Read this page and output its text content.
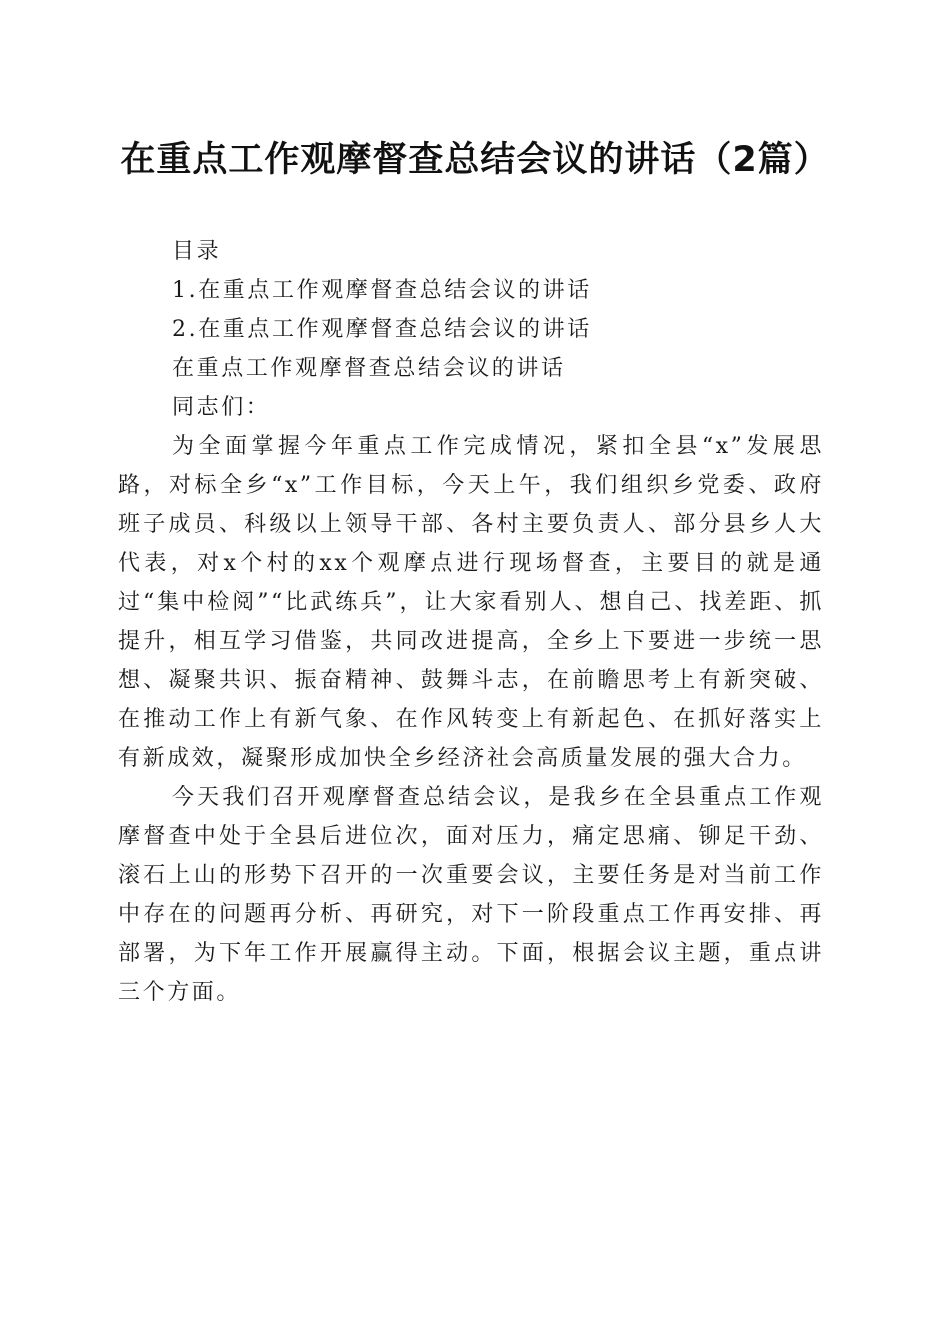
在重点工作观摩督查总结会议的讲话（2篇）

目录

1.在重点工作观摩督查总结会议的讲话

2.在重点工作观摩督查总结会议的讲话

在重点工作观摩督查总结会议的讲话

同志们：

为全面掌握今年重点工作完成情况，紧扣全县“x”发展思路，对标全乡“x”工作目标，今天上午，我们组织乡党委、政府班子成员、科级以上领导干部、各村主要负责人、部分县乡人大代表，对x个村的xx个观摩点进行现场督查，主要目的就是通过“集中检阅”“比武练兵”，让大家看别人、想自己、找差距、抓提升，相互学习借鉴，共同改进提高，全乡上下要进一步统一思想、凝聚共识、振奋精神、鼓舞斗志，在前瞻思考上有新突破、在推动工作上有新气象、在作风转变上有新起色、在抓好落实上有新成效，凝聚形成加快全乡经济社会高质量发展的强大合力。

今天我们召开观摩督查总结会议，是我乡在全县重点工作观摩督查中处于全县后进位次，面对压力，痛定思痛、铆足干劲、滚石上山的形势下召开的一次重要会议，主要任务是对当前工作中存在的问题再分析、再研究，对下一阶段重点工作再安排、再部署，为下年工作开展赢得主动。下面，根据会议主题，重点讲三个方面。
